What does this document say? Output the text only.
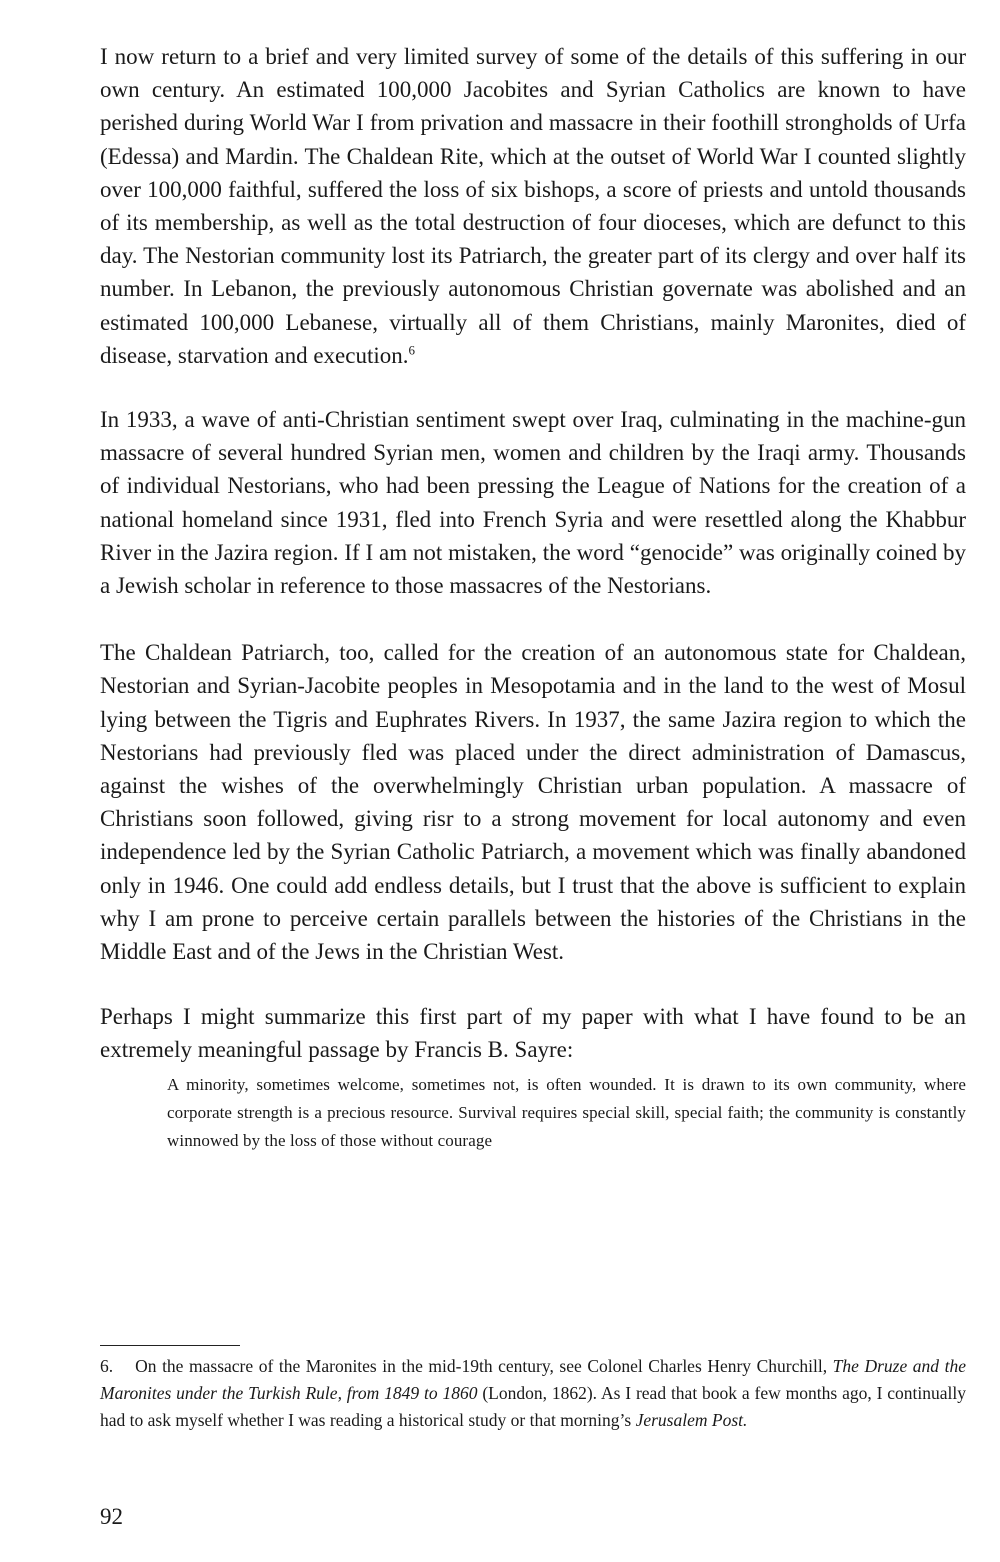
I now return to a brief and very limited survey of some of the details of this suffering in our own century. An estimated 100,000 Jacobites and Syrian Catholics are known to have perished during World War I from privation and massacre in their foothill strongholds of Urfa (Edessa) and Mardin. The Chaldean Rite, which at the outset of World War I counted slightly over 100,000 faithful, suffered the loss of six bishops, a score of priests and untold thousands of its membership, as well as the total destruction of four dioceses, which are defunct to this day. The Nestorian community lost its Patriarch, the greater part of its clergy and over half its number. In Lebanon, the previously autonomous Christian governate was abolished and an estimated 100,000 Lebanese, virtually all of them Christians, mainly Maronites, died of disease, starvation and execution.$^6$

In 1933, a wave of anti-Christian sentiment swept over Iraq, culminating in the machine-gun massacre of several hundred Syrian men, women and children by the Iraqi army. Thousands of individual Nestorians, who had been pressing the League of Nations for the creation of a national homeland since 1931, fled into French Syria and were resettled along the Khabbur River in the Jazira region. If I am not mistaken, the word “genocide” was originally coined by a Jewish scholar in reference to those massacres of the Nestorians.

The Chaldean Patriarch, too, called for the creation of an autonomous state for Chaldean, Nestorian and Syrian-Jacobite peoples in Mesopotamia and in the land to the west of Mosul lying between the Tigris and Euphrates Rivers. In 1937, the same Jazira region to which the Nestorians had previously fled was placed under the direct administration of Damascus, against the wishes of the overwhelmingly Christian urban population. A massacre of Christians soon followed, giving risr to a strong movement for local autonomy and even independence led by the Syrian Catholic Patriarch, a movement which was finally abandoned only in 1946. One could add endless details, but I trust that the above is sufficient to explain why I am prone to perceive certain parallels between the histories of the Christians in the Middle East and of the Jews in the Christian West.

Perhaps I might summarize this first part of my paper with what I have found to be an extremely meaningful passage by Francis B. Sayre:

A minority, sometimes welcome, sometimes not, is often wounded. It is drawn to its own community, where corporate strength is a precious resource. Survival requires special skill, special faith; the community is constantly winnowed by the loss of those without courage

6. On the massacre of the Maronites in the mid-19th century, see Colonel Charles Henry Churchill, The Druze and the Maronites under the Turkish Rule, from 1849 to 1860 (London, 1862). As I read that book a few months ago, I continually had to ask myself whether I was reading a historical study or that morning’s Jerusalem Post.
92
